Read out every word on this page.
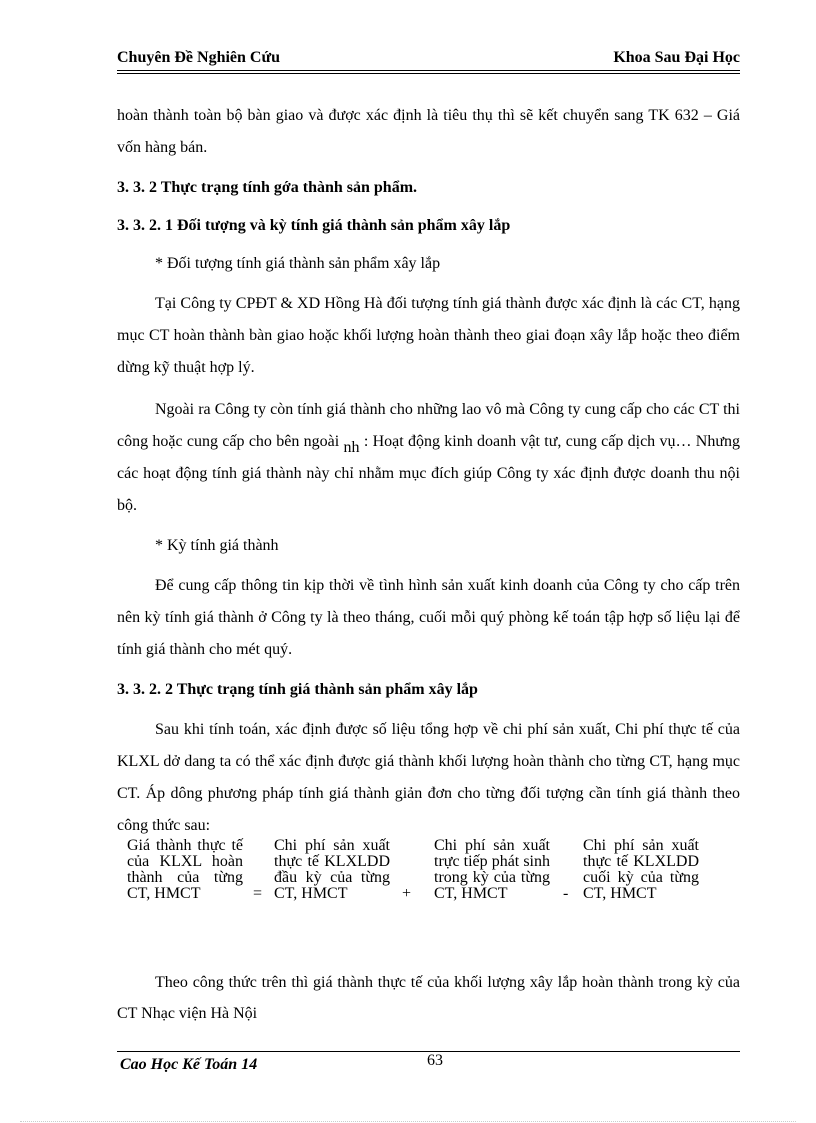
Chuyên Đề Nghiên Cứu	Khoa Sau Đại Học

hoàn thành toàn bộ bàn giao và được xác định là tiêu thụ thì sẽ kết chuyển sang TK 632 – Giá vốn hàng bán.

3. 3. 2 Thực trạng tính gớa thành sản phẩm.

3. 3. 2. 1 Đối tượng và kỳ tính giá thành sản phẩm xây lắp

* Đối tượng tính giá thành sản phẩm xây lắp

Tại Công ty CPĐT & XD Hồng Hà đối tượng tính giá thành được xác định là các CT, hạng mục CT hoàn thành bàn giao hoặc khối lượng hoàn thành theo giai đoạn xây lắp hoặc theo điểm dừng kỹ thuật hợp lý.

Ngoài ra Công ty còn tính giá thành cho những lao vô mà Công ty cung cấp cho các CT thi công hoặc cung cấp cho bên ngoài nh : Hoạt động kinh doanh vật tư, cung cấp dịch vụ… Nhưng các hoạt động tính giá thành này chỉ nhằm mục đích giúp Công ty xác định được doanh thu nội bộ.

* Kỳ tính giá thành

Để cung cấp thông tin kịp thời về tình hình sản xuất kinh doanh của Công ty cho cấp trên nên kỳ tính giá thành ở Công ty là theo tháng, cuối mỗi quý phòng kế toán tập hợp số liệu lại để tính giá thành cho mét quý.

3. 3. 2. 2 Thực trạng tính giá thành sản phẩm xây lắp

Sau khi tính toán, xác định được số liệu tổng hợp về chi phí sản xuất, Chi phí thực tế của KLXL dở dang ta có thể xác định được giá thành khối lượng hoàn thành cho từng CT, hạng mục CT. Áp dông phương pháp tính giá thành giản đơn cho từng đối tượng cần tính giá thành theo công thức sau:

Giá thành thực tế của KLXL hoàn thành của từng CT, HMCT	=
Chi phí sản xuất thực tế KLXLDD đầu kỳ của từng CT, HMCT	+
Chi phí sản xuất trực tiếp phát sinh trong kỳ của từng CT, HMCT	-
Chi phí sản xuất thực tế KLXLDD cuối kỳ của từng CT, HMCT

Theo công thức trên thì giá thành thực tế của khối lượng xây lắp hoàn thành trong kỳ của CT Nhạc viện Hà Nội

Cao Học Kế Toán 14	63
